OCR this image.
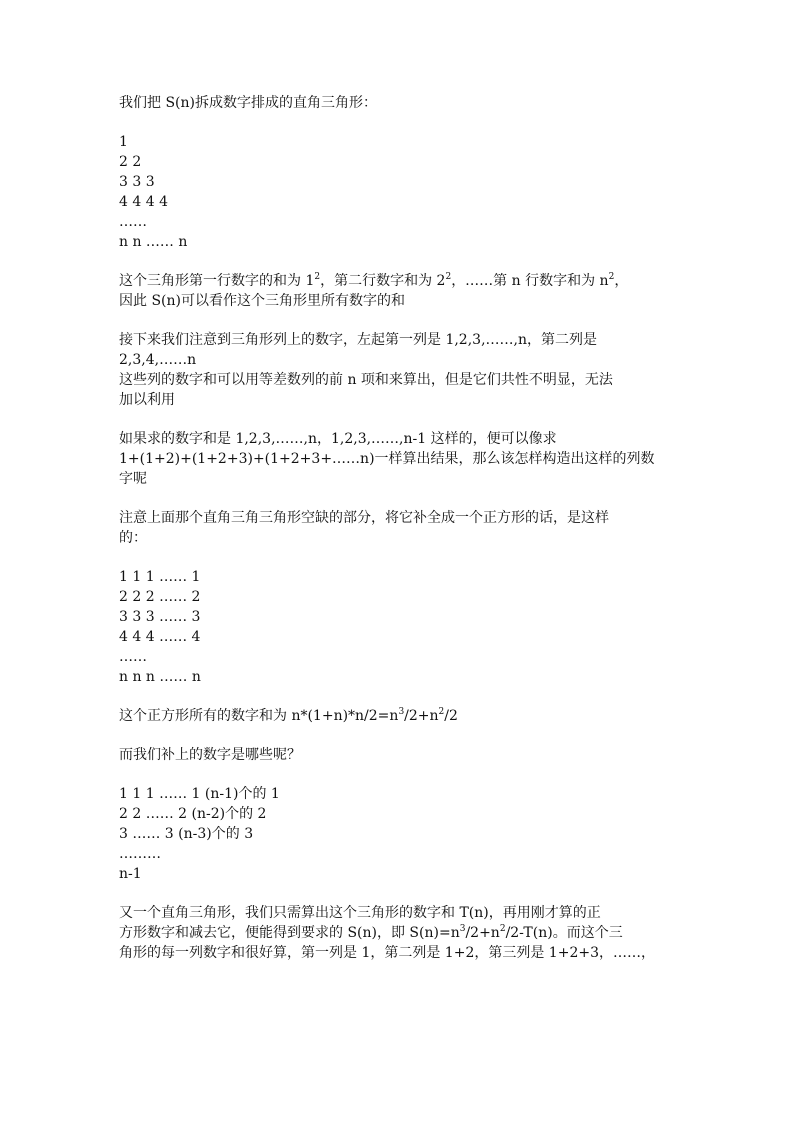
我们把 S(n)拆成数字排成的直角三角形：
1
2 2
3 3 3
4 4 4 4
……
n n …… n
这个三角形第一行数字的和为 $1^2$，第二行数字和为 $2^2$，……第 n 行数字和为 $n^2$，
因此 S(n)可以看作这个三角形里所有数字的和
接下来我们注意到三角形列上的数字，左起第一列是 1,2,3,……,n，第二列是
2,3,4,……n
这些列的数字和可以用等差数列的前 n 项和来算出，但是它们共性不明显，无法
加以利用
如果求的数字和是 1,2,3,……,n，1,2,3,……,n-1 这样的，便可以像求
1+(1+2)+(1+2+3)+(1+2+3+……n)一样算出结果，那么该怎样构造出这样的列数
字呢
注意上面那个直角三角三角形空缺的部分，将它补全成一个正方形的话，是这样
的：
1 1 1 …… 1
2 2 2 …… 2
3 3 3 …… 3
4 4 4 …… 4
……
n n n …… n
这个正方形所有的数字和为 $n*(1+n)*n/2=n^3/2+n^2/2$
而我们补上的数字是哪些呢？
1 1 1 …… 1 (n-1)个的 1
2 2 …… 2 (n-2)个的 2
3 …… 3 (n-3)个的 3
………
n-1
又一个直角三角形，我们只需算出这个三角形的数字和 T(n)，再用刚才算的正
方形数字和减去它，便能得到要求的 S(n)，即 $S(n)=n^3/2+n^2/2-T(n)$。而这个三
角形的每一列数字和很好算，第一列是 1，第二列是 1+2，第三列是 1+2+3，……，
